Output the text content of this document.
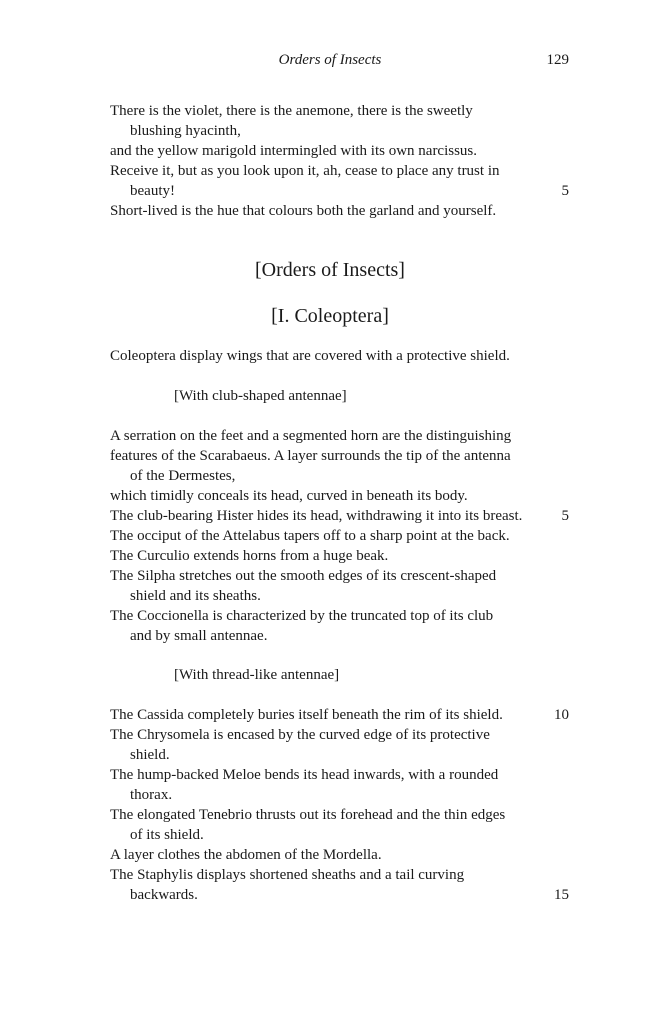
Orders of Insects	129
There is the violet, there is the anemone, there is the sweetly
blushing hyacinth,
and the yellow marigold intermingled with its own narcissus.
Receive it, but as you look upon it, ah, cease to place any trust in
beauty!	5
Short-lived is the hue that colours both the garland and yourself.
[Orders of Insects]
[I. Coleoptera]
Coleoptera display wings that are covered with a protective shield.
[With club-shaped antennae]
A serration on the feet and a segmented horn are the distinguishing
features of the Scarabaeus. A layer surrounds the tip of the antenna
of the Dermestes,
which timidly conceals its head, curved in beneath its body.
The club-bearing Hister hides its head, withdrawing it into its breast.	5
The occiput of the Attelabus tapers off to a sharp point at the back.
The Curculio extends horns from a huge beak.
The Silpha stretches out the smooth edges of its crescent-shaped
shield and its sheaths.
The Coccionella is characterized by the truncated top of its club
and by small antennae.
[With thread-like antennae]
The Cassida completely buries itself beneath the rim of its shield.	10
The Chrysomela is encased by the curved edge of its protective
shield.
The hump-backed Meloe bends its head inwards, with a rounded
thorax.
The elongated Tenebrio thrusts out its forehead and the thin edges
of its shield.
A layer clothes the abdomen of the Mordella.
The Staphylis displays shortened sheaths and a tail curving
backwards.	15
